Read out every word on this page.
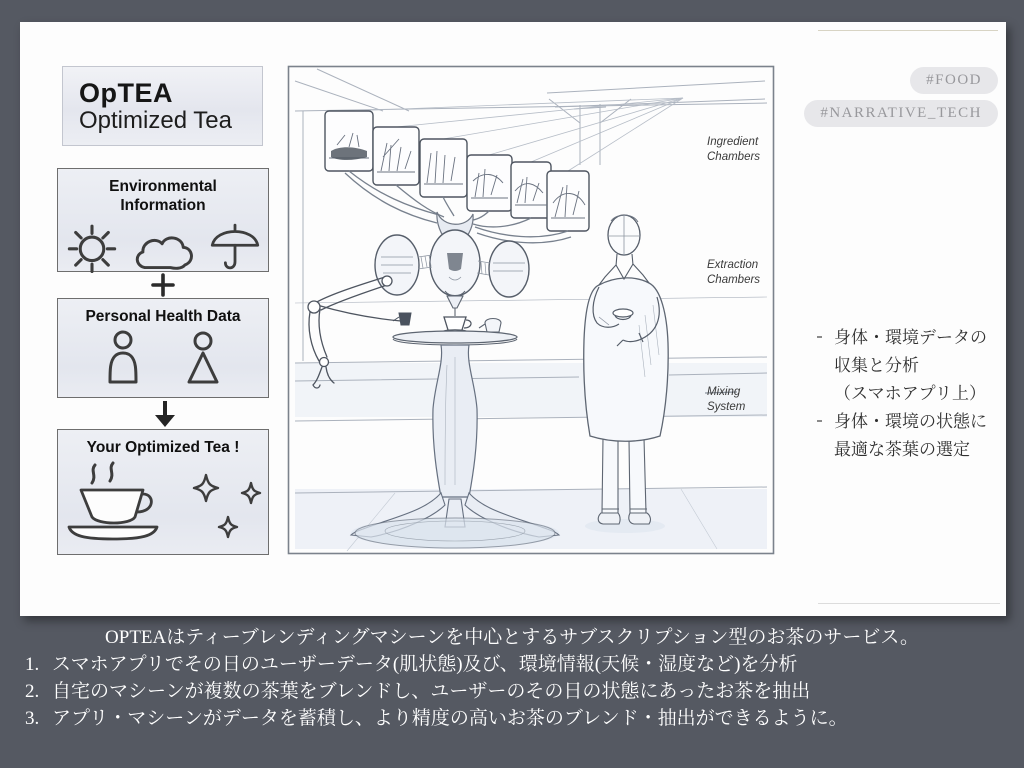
OpTEA
Optimized Tea
Environmental
Information
Personal Health Data
Your Optimized Tea !
Ingredient Chambers
Extraction Chambers
Mixing System
#FOOD
#NARRATIVE_TECH
身体・環境データの
収集と分析
（スマホアプリ上）
身体・環境の状態に
最適な茶葉の選定
OPTEAはティーブレンディングマシーンを中心とするサブスクリプション型のお茶のサービス。
1. スマホアプリでその日のユーザーデータ(肌状態)及び、環境情報(天候・湿度など)を分析
2. 自宅のマシーンが複数の茶葉をブレンドし、ユーザーのその日の状態にあったお茶を抽出
3. アプリ・マシーンがデータを蓄積し、より精度の高いお茶のブレンド・抽出ができるように。
